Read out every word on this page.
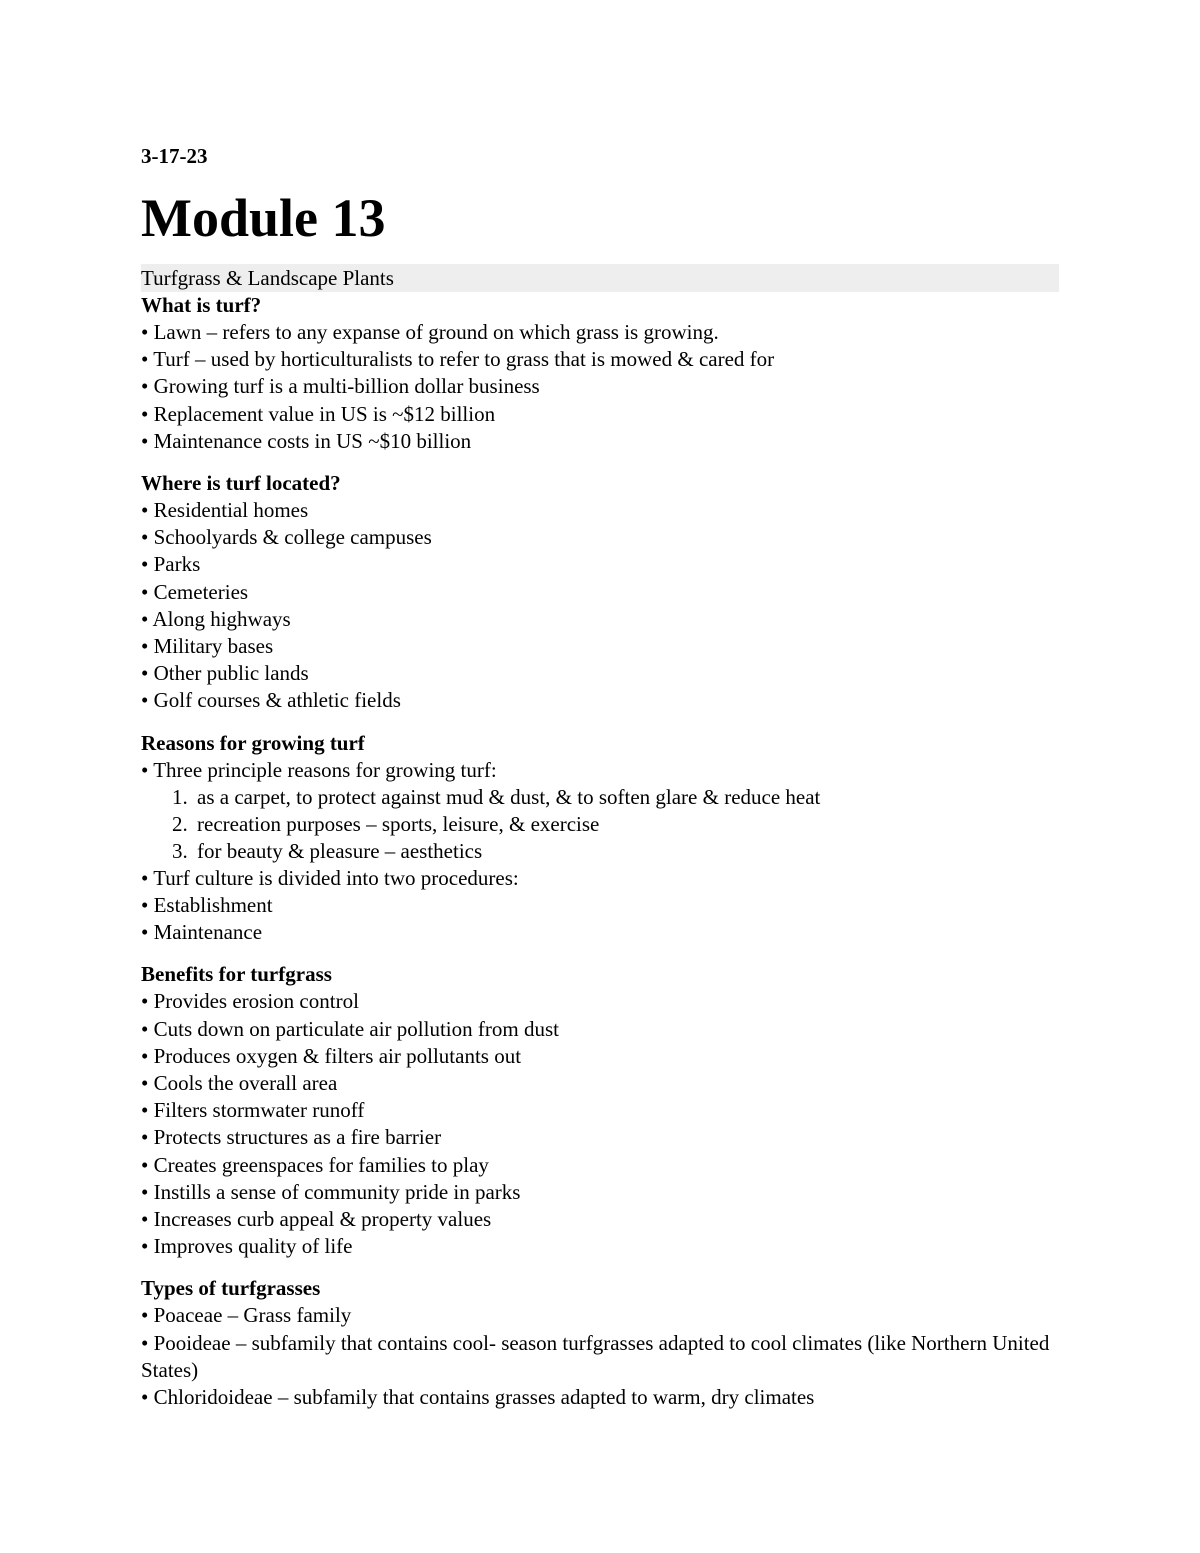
3-17-23

Module 13

Turfgrass & Landscape Plants

What is turf?

• Lawn – refers to any expanse of ground on which grass is growing.

• Turf – used by horticulturalists to refer to grass that is mowed & cared for

• Growing turf is a multi-billion dollar business

• Replacement value in US is ~$12 billion

• Maintenance costs in US ~$10 billion

Where is turf located?

• Residential homes

• Schoolyards & college campuses

• Parks

• Cemeteries

• Along highways

• Military bases

• Other public lands

• Golf courses & athletic fields

Reasons for growing turf

• Three principle reasons for growing turf:

1. as a carpet, to protect against mud & dust, & to soften glare & reduce heat
2. recreation purposes – sports, leisure, & exercise
3. for beauty & pleasure – aesthetics

• Turf culture is divided into two procedures:

• Establishment

• Maintenance

Benefits for turfgrass

• Provides erosion control

• Cuts down on particulate air pollution from dust

• Produces oxygen & filters air pollutants out

• Cools the overall area

• Filters stormwater runoff

• Protects structures as a fire barrier

• Creates greenspaces for families to play

• Instills a sense of community pride in parks

• Increases curb appeal & property values

• Improves quality of life

Types of turfgrasses

• Poaceae – Grass family

• Pooideae – subfamily that contains cool- season turfgrasses adapted to cool climates (like Northern United States)

• Chloridoideae – subfamily that contains grasses adapted to warm, dry climates
